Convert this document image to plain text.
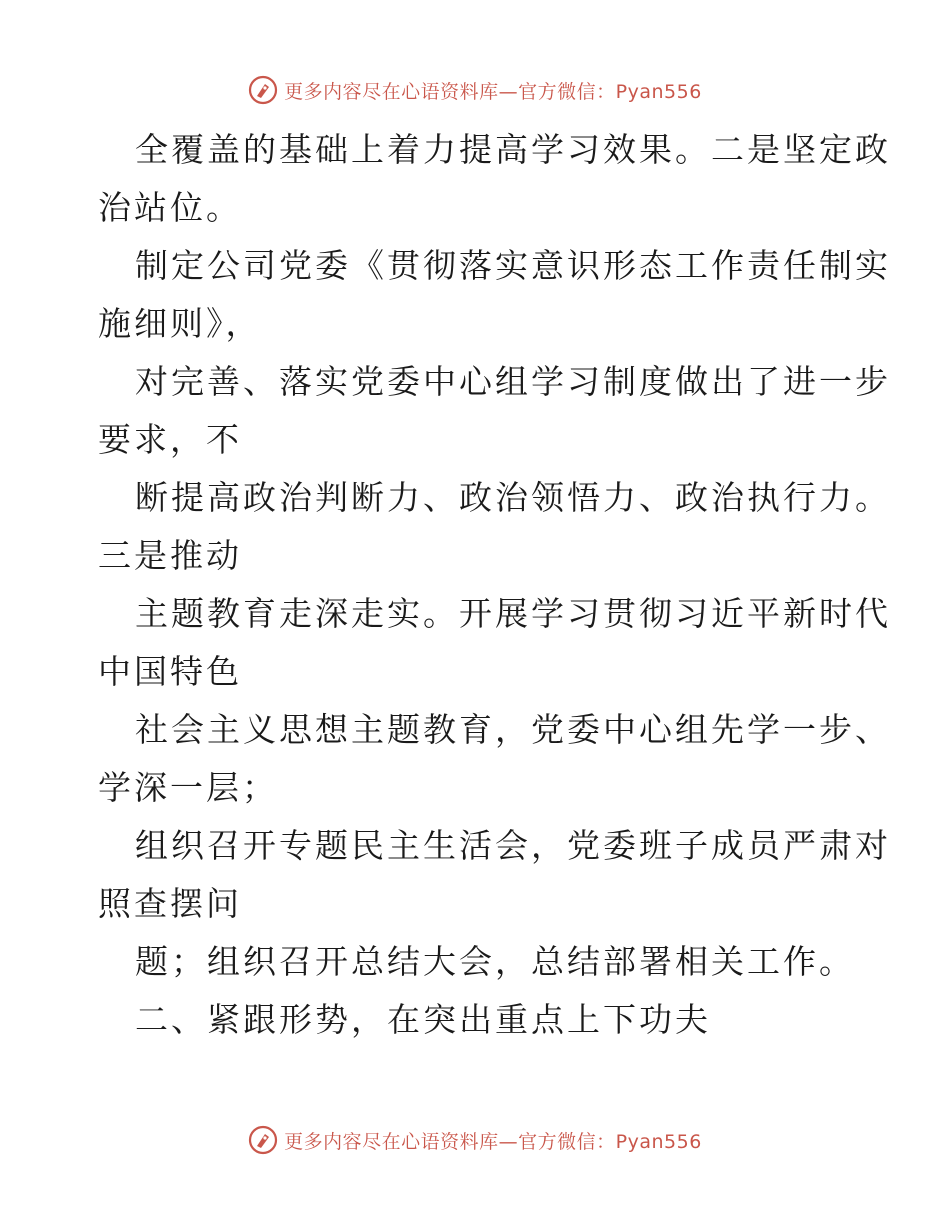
更多内容尽在心语资料库—官方微信：Pyan556
全覆盖的基础上着力提高学习效果。二是坚定政
治站位。
制定公司党委《贯彻落实意识形态工作责任制实
施细则》，
对完善、落实党委中心组学习制度做出了进一步
要求，不
断提高政治判断力、政治领悟力、政治执行力。
三是推动
主题教育走深走实。开展学习贯彻习近平新时代
中国特色
社会主义思想主题教育，党委中心组先学一步、
学深一层；
组织召开专题民主生活会，党委班子成员严肃对
照查摆问
题；组织召开总结大会，总结部署相关工作。
二、紧跟形势，在突出重点上下功夫
更多内容尽在心语资料库—官方微信：Pyan556
